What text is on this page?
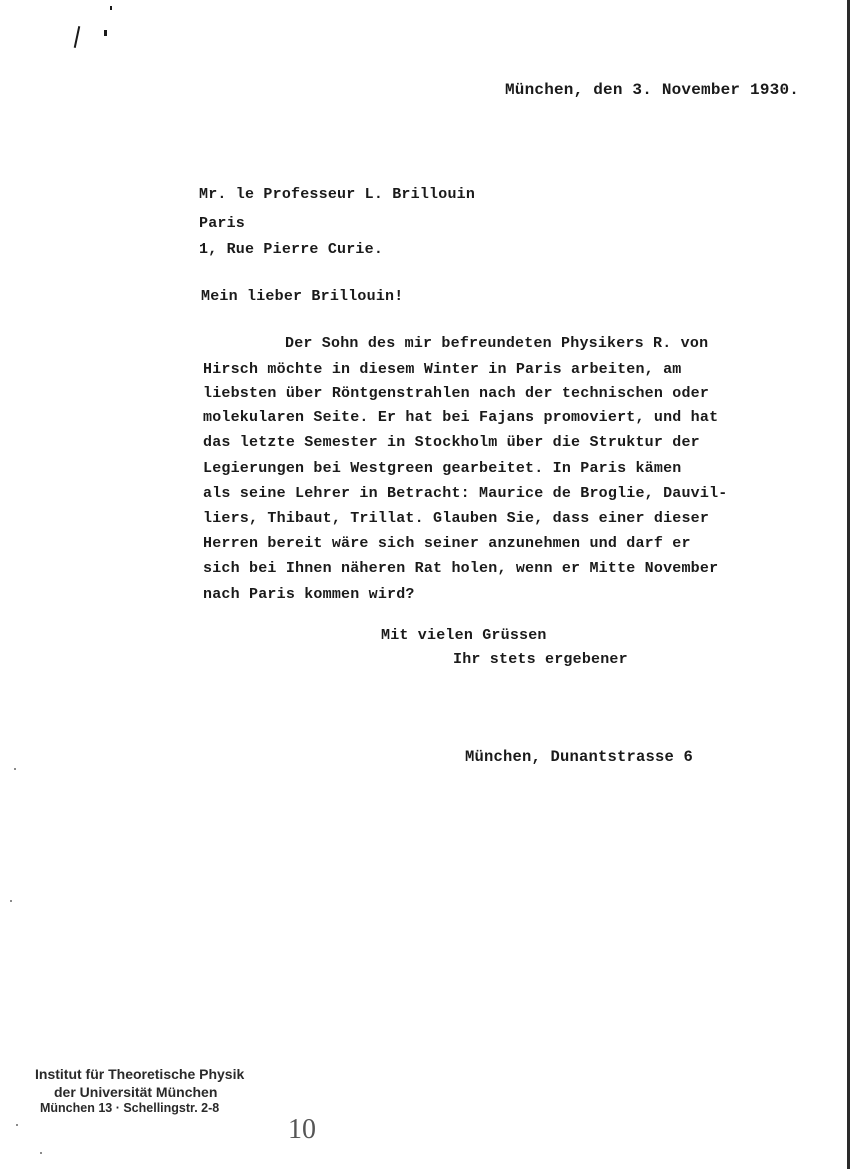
München, den 3. November 1930.
Mr. le Professeur L. Brillouin
Paris
1, Rue Pierre Curie.
Mein lieber Brillouin!
Der Sohn des mir befreundeten Physikers R. von
Hirsch möchte in diesem Winter in Paris arbeiten, am
liebsten über Röntgenstrahlen nach der technischen oder
molekularen Seite. Er hat bei Fajans promoviert, und hat
das letzte Semester in Stockholm über die Struktur der
Legierungen bei Westgreen gearbeitet. In Paris kämen
als seine Lehrer in Betracht: Maurice de Broglie, Dauvil-
liers, Thibaut, Trillat. Glauben Sie, dass einer dieser
Herren bereit wäre sich seiner anzunehmen und darf er
sich bei Ihnen näheren Rat holen, wenn er Mitte November
nach Paris kommen wird?
Mit vielen Grüssen
Ihr stets ergebener
München, Dunantstrasse 6
Institut für Theoretische Physik
der Universität München
München 13 · Schellingstr. 2-8
10
